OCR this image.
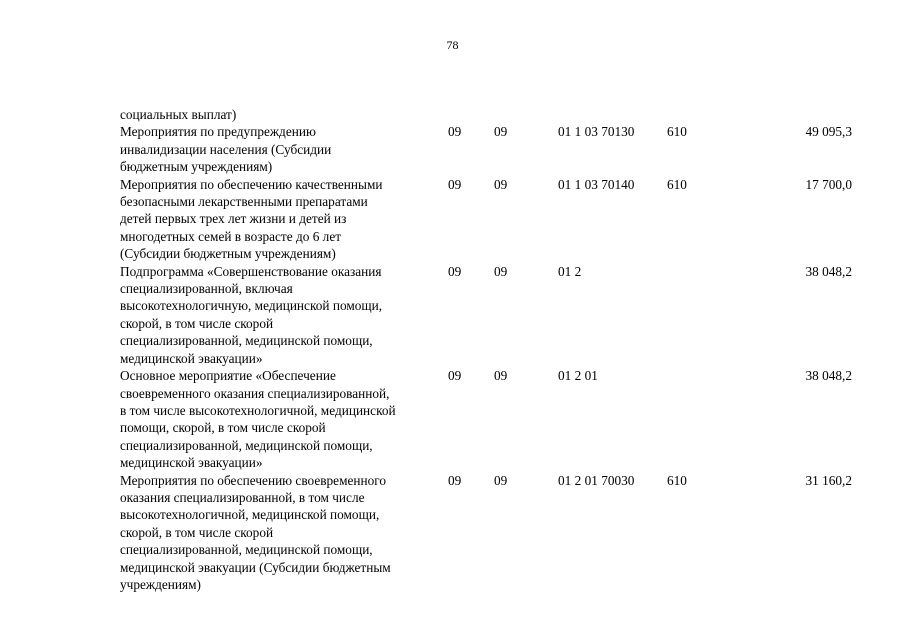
78
социальных выплат)
Мероприятия по предупреждению
инвалидизации населения (Субсидии
бюджетным учреждениям)
09 09	01 1 03 70130 610	49 095,3
Мероприятия по обеспечению качественными
безопасными лекарственными препаратами
детей первых трех лет жизни и детей из
многодетных семей в возрасте до 6 лет
(Субсидии бюджетным учреждениям)
09 09	01 1 03 70140 610	17 700,0
Подпрограмма «Совершенствование оказания
специализированной, включая
высокотехнологичную, медицинской помощи,
скорой, в том числе скорой
специализированной, медицинской помощи,
медицинской эвакуации»
09 09	01 2	38 048,2
Основное мероприятие «Обеспечение
своевременного оказания специализированной,
в том числе высокотехнологичной, медицинской
помощи, скорой, в том числе скорой
специализированной, медицинской помощи,
медицинской эвакуации»
09 09	01 2 01	38 048,2
Мероприятия по обеспечению своевременного
оказания специализированной, в том числе
высокотехнологичной, медицинской помощи,
скорой, в том числе скорой
специализированной, медицинской помощи,
медицинской эвакуации (Субсидии бюджетным
учреждениям)
09 09	01 2 01 70030 610	31 160,2
